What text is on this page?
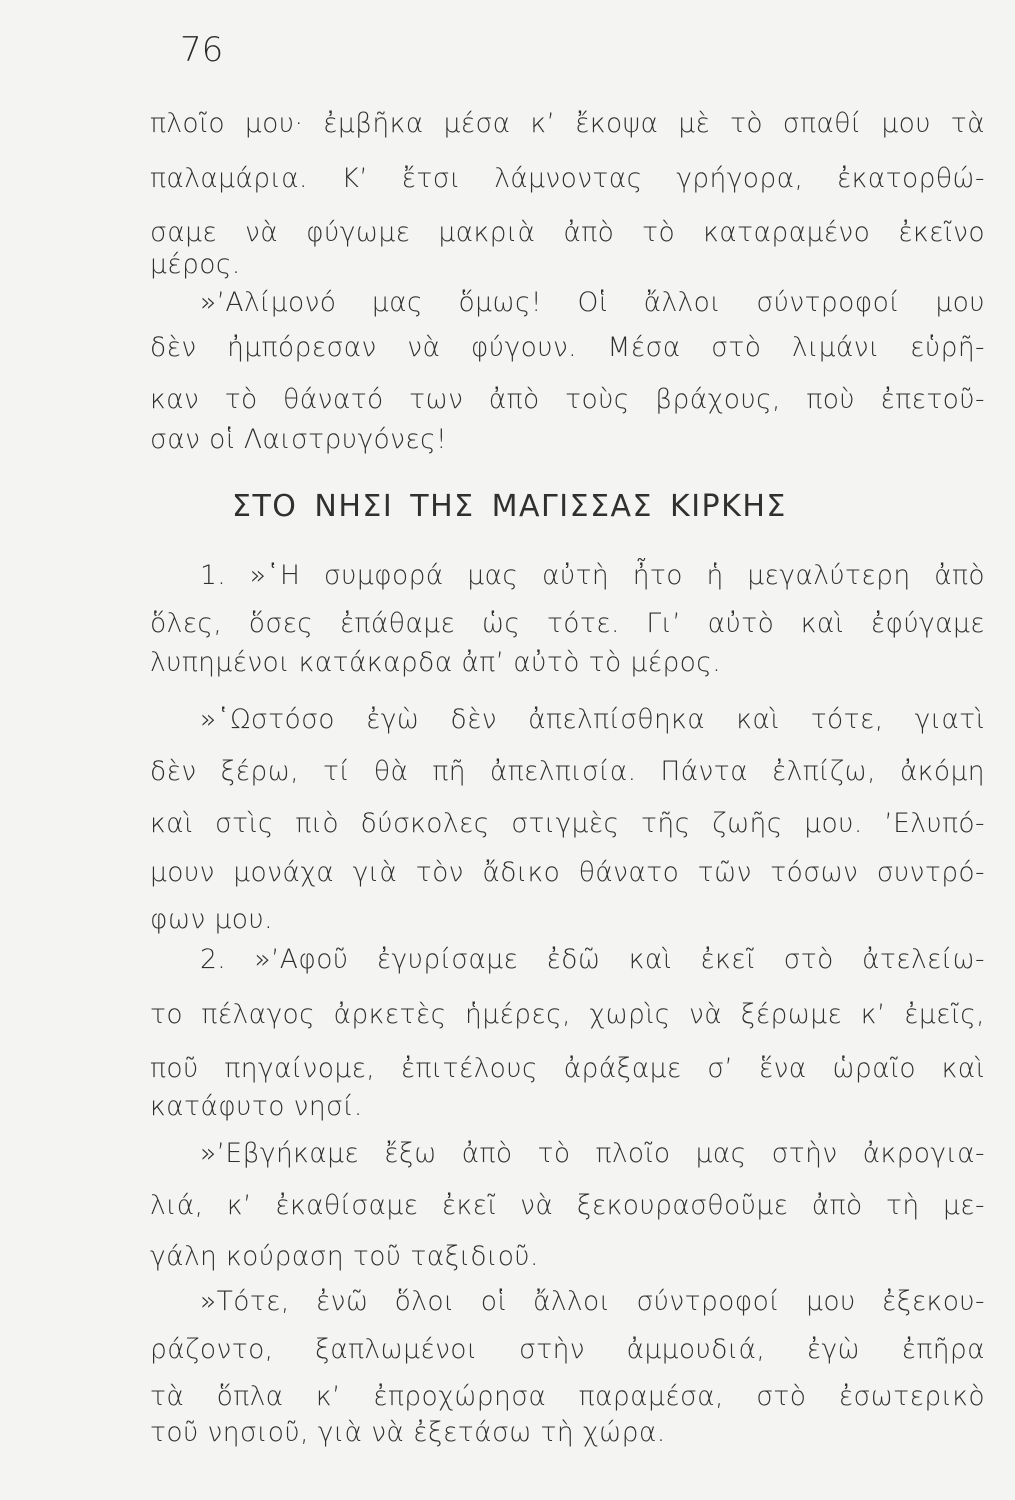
76
πλοῖο μου· ἐμβῆκα μέσα κ’ ἔκοψα μὲ τὸ σπαθί μου τὰ
παλαμάρια. Κ’ ἔτσι λάμνοντας γρήγορα, ἐκατορθώ-
σαμε νὰ φύγωμε μακριὰ ἀπὸ τὸ καταραμένο ἐκεῖνο
μέρος.
»’Αλίμονό μας ὅμως! Οἱ ἄλλοι σύντροφοί μου
δὲν ἠμπόρεσαν νὰ φύγουν. Μέσα στὸ λιμάνι εὑρῆ-
καν τὸ θάνατό των ἀπὸ τοὺς βράχους, ποὺ ἐπετοῦ-
σαν οἱ Λαιστρυγόνες!
ΣΤΟ ΝΗΣΙ ΤΗΣ ΜΑΓΙΣΣΑΣ ΚΙΡΚΗΣ
1. »῾Η συμφορά μας αὐτὴ ἦτο ἡ μεγαλύτερη ἀπὸ
ὅλες, ὅσες ἐπάθαμε ὡς τότε. Γι’ αὐτὸ καὶ ἐφύγαμε
λυπημένοι κατάκαρδα ἀπ’ αὐτὸ τὸ μέρος.
»῾Ωστόσο ἐγὼ δὲν ἀπελπίσθηκα καὶ τότε, γιατὶ
δὲν ξέρω, τί θὰ πῆ ἀπελπισία. Πάντα ἐλπίζω, ἀκόμη
καὶ στὶς πιὸ δύσκολες στιγμὲς τῆς ζωῆς μου. ’Ελυπό-
μουν μονάχα γιὰ τὸν ἄδικο θάνατο τῶν τόσων συντρό-
φων μου.
2. »’Αφοῦ ἐγυρίσαμε ἐδῶ καὶ ἐκεῖ στὸ ἀτελείω-
το πέλαγος ἀρκετὲς ἡμέρες, χωρὶς νὰ ξέρωμε κ’ ἐμεῖς,
ποῦ πηγαίνομε, ἐπιτέλους ἀράξαμε σ’ ἕνα ὡραῖο καὶ
κατάφυτο νησί.
»’Εβγήκαμε ἔξω ἀπὸ τὸ πλοῖο μας στὴν ἀκρογια-
λιά, κ’ ἐκαθίσαμε ἐκεῖ νὰ ξεκουρασθοῦμε ἀπὸ τὴ με-
γάλη κούραση τοῦ ταξιδιοῦ.
»Τότε, ἐνῶ ὅλοι οἱ ἄλλοι σύντροφοί μου ἐξεκου-
ράζοντο, ξαπλωμένοι στὴν ἀμμουδιά, ἐγὼ ἐπῆρα
τὰ ὅπλα κ’ ἐπροχώρησα παραμέσα, στὸ ἐσωτερικὸ
τοῦ νησιοῦ, γιὰ νὰ ἐξετάσω τὴ χώρα.
